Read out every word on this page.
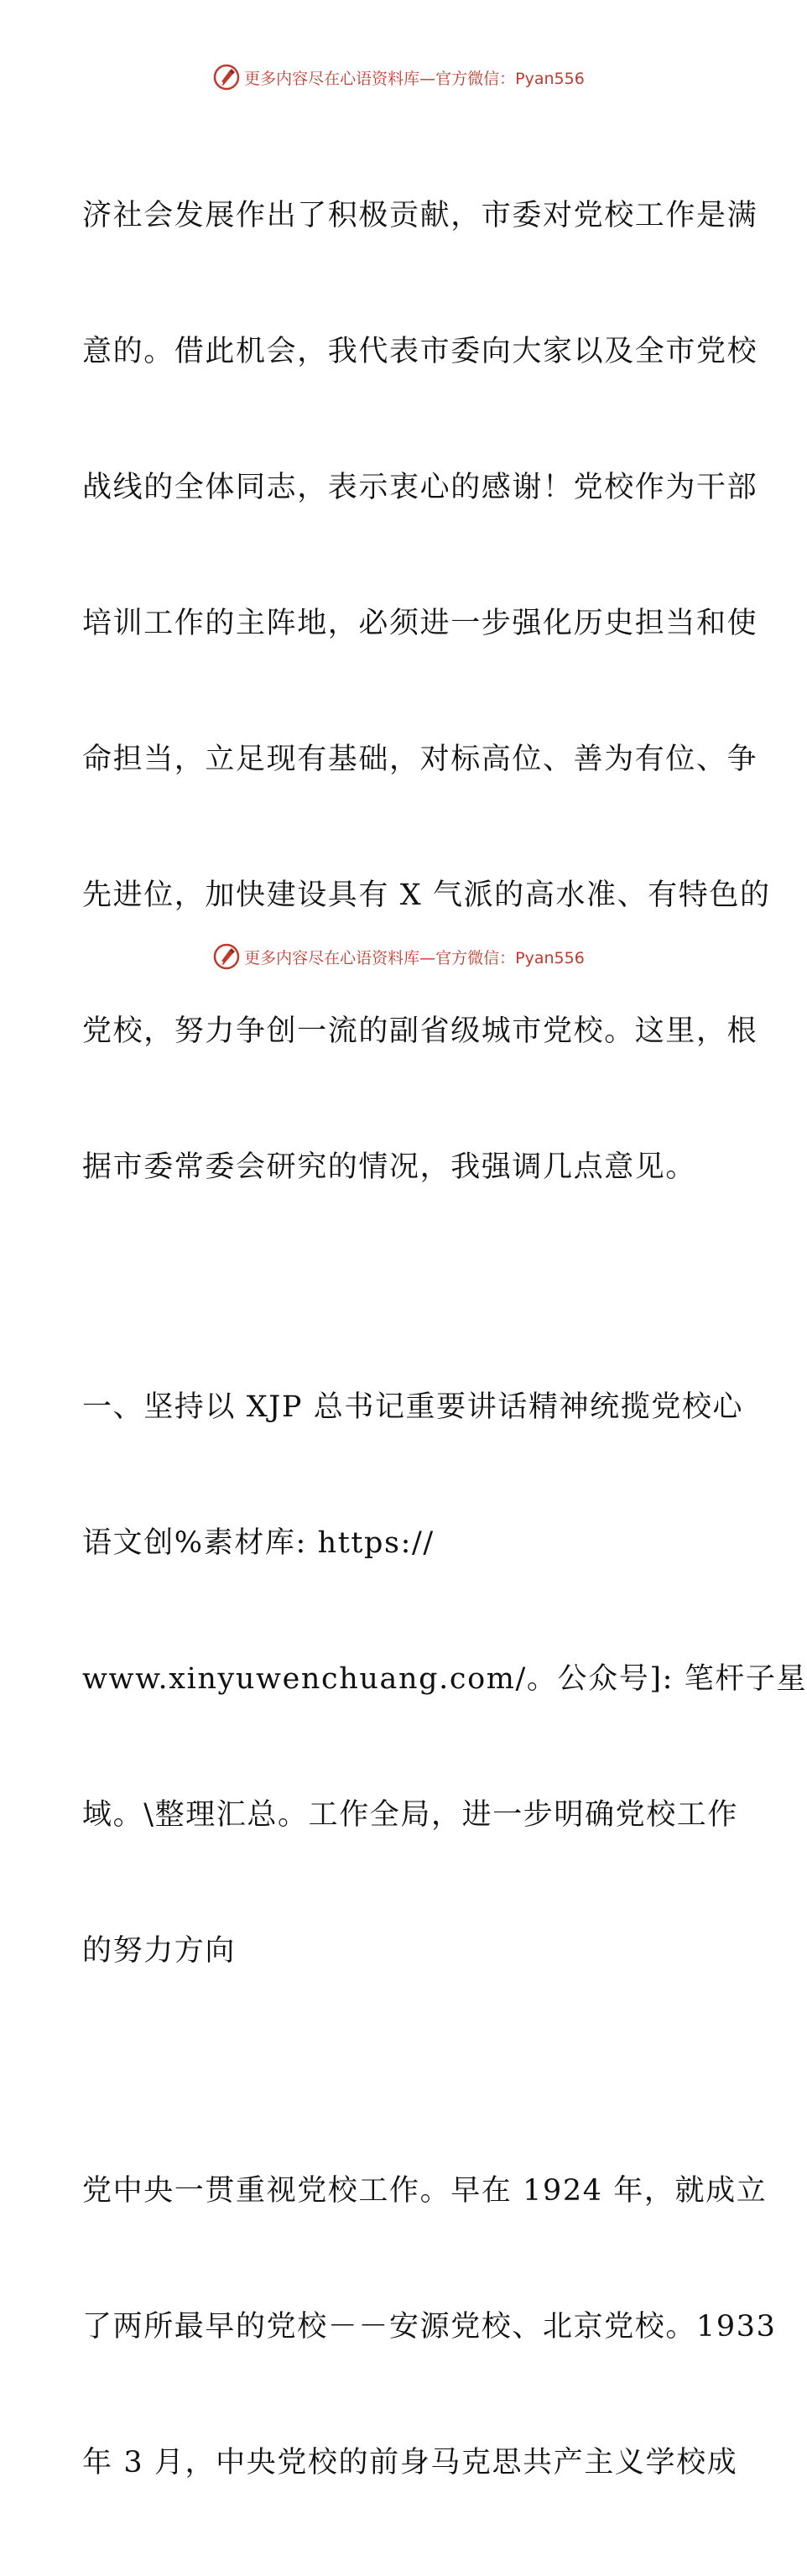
更多内容尽在心语资料库—官方微信：Pyan556

济社会发展作出了积极贡献，市委对党校工作是满

意的。借此机会，我代表市委向大家以及全市党校

战线的全体同志，表示衷心的感谢！党校作为干部

培训工作的主阵地，必须进一步强化历史担当和使

命担当，立足现有基础，对标高位、善为有位、争

先进位，加快建设具有 X 气派的高水准、有特色的

党校，努力争创一流的副省级城市党校。这里，根

据市委常委会研究的情况，我强调几点意见。

一、坚持以 XJP 总书记重要讲话精神统揽党校心

语文创%素材库: https://

www.xinyuwenchuang.com/。公众号]: 笔杆子星

域。\整理汇总。工作全局，进一步明确党校工作

的努力方向

党中央一贯重视党校工作。早在 1924 年，就成立

了两所最早的党校－－安源党校、北京党校。1933

年 3 月，中央党校的前身马克思共产主义学校成

更多内容尽在心语资料库—官方微信：Pyan556
